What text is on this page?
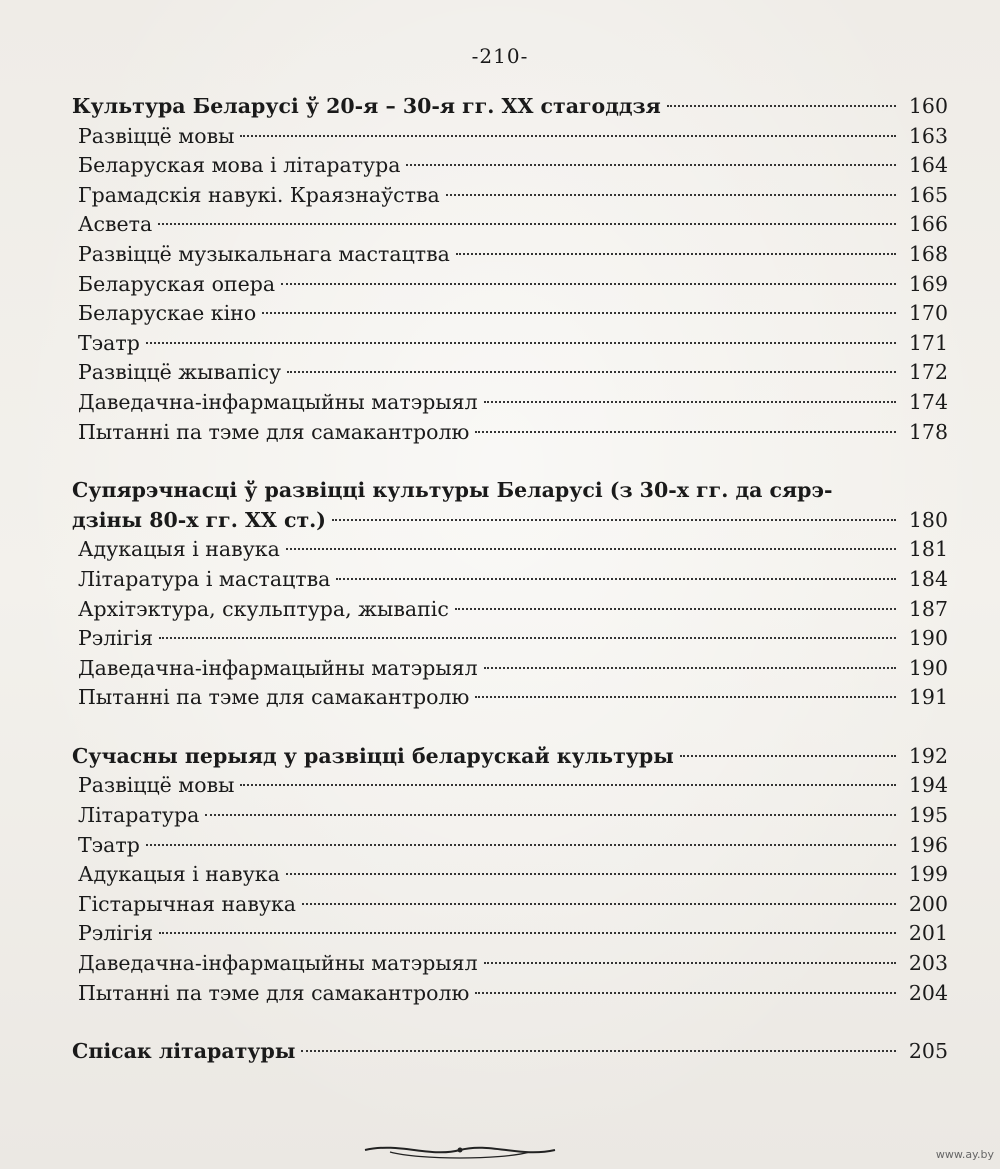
-210-
Культура Беларусі ў 20-я – 30-я гг. ХХ стагоддзя	160
Развіццё мовы	163
Беларуская мова і літаратура	164
Грамадскія навукі. Краязнаўства	165
Асвета	166
Развіццё музыкальнага мастацтва	168
Беларуская опера	169
Беларускае кіно	170
Тэатр	171
Развіццё жывапісу	172
Даведачна-інфармацыйны матэрыял	174
Пытанні па тэме для самакантролю	178
Супярэчнасці ў развіцці культуры Беларусі (з 30-х гг. да сярэ-
дзіны 80-х гг. ХХ ст.)	180
Адукацыя і навука	181
Літаратура і мастацтва	184
Архітэктура, скульптура, жывапіс	187
Рэлігія	190
Даведачна-інфармацыйны матэрыял	190
Пытанні па тэме для самакантролю	191
Сучасны перыяд у развіцці беларускай культуры	192
Развіццё мовы	194
Літаратура	195
Тэатр	196
Адукацыя і навука	199
Гістарычная навука	200
Рэлігія	201
Даведачна-інфармацыйны матэрыял	203
Пытанні па тэме для самакантролю	204
Спісак літаратуры	205
www.ay.by
